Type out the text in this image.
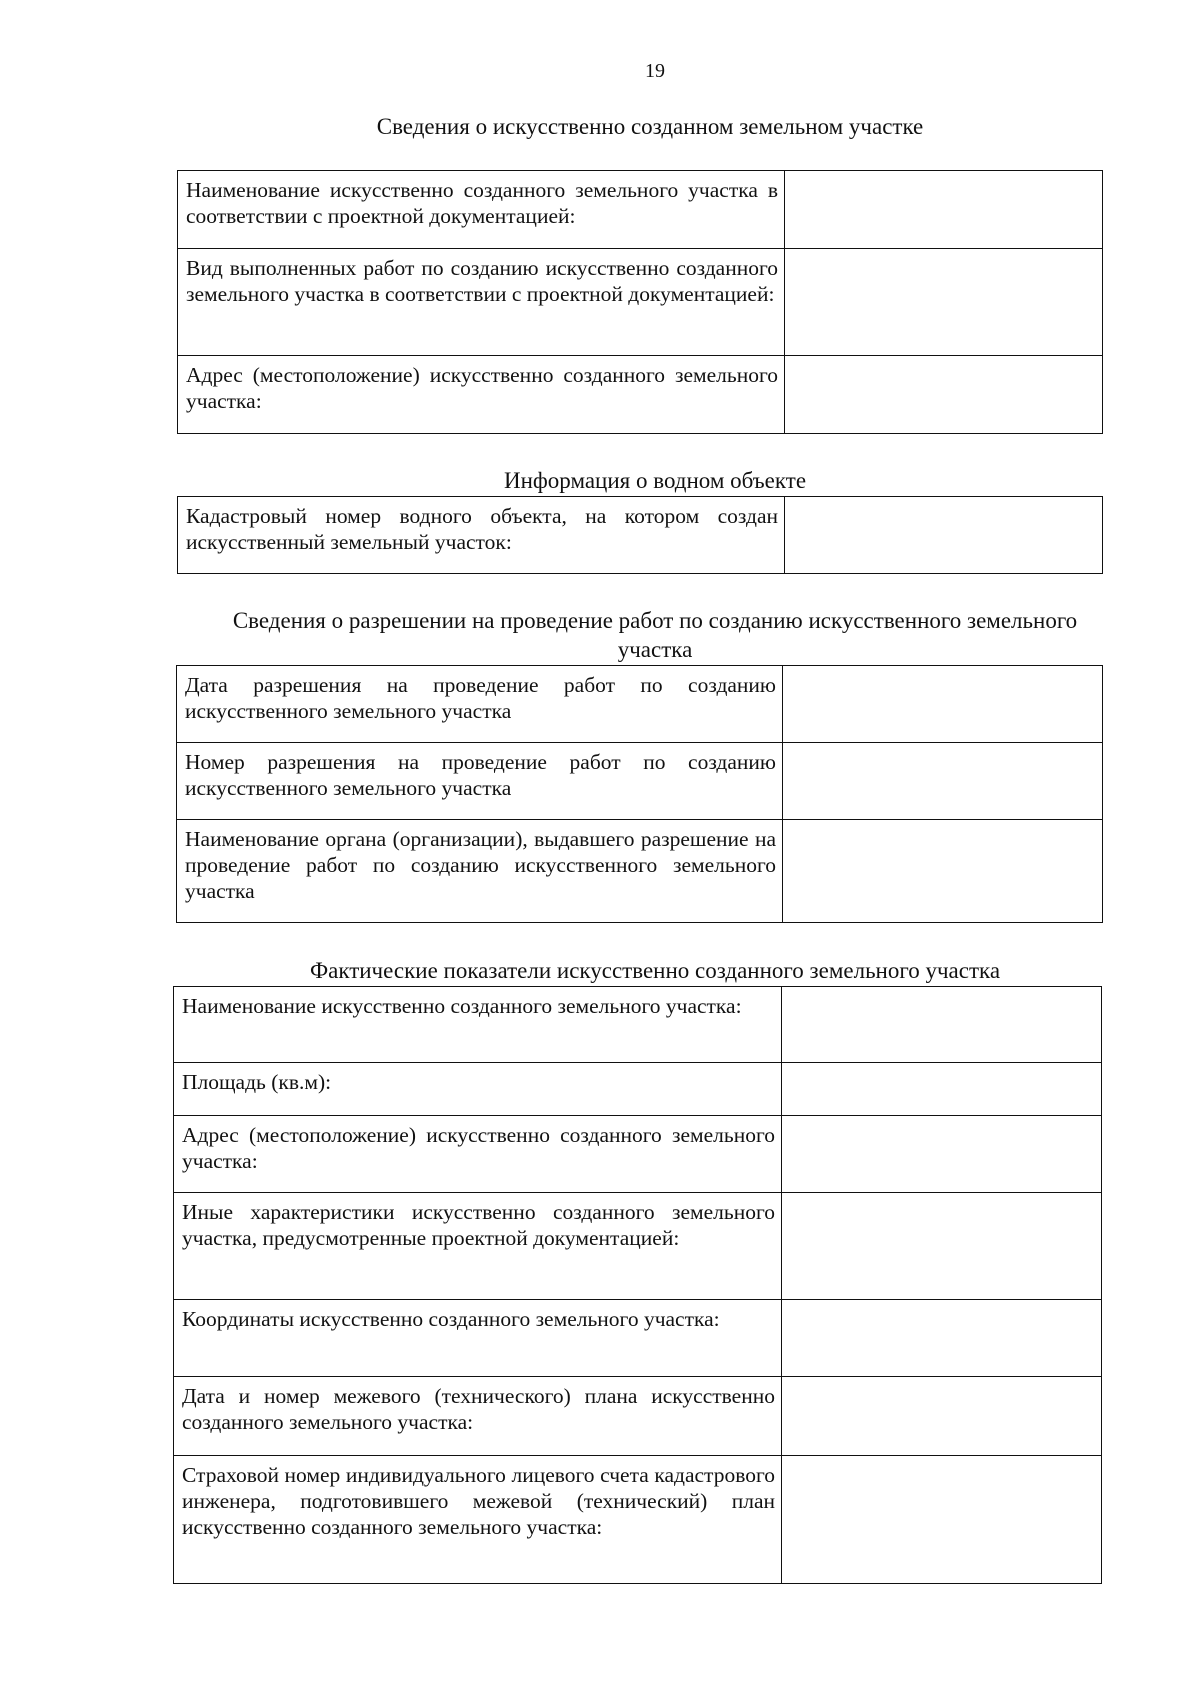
19
Сведения о искусственно созданном земельном участке
Наименование искусственно созданного земельного участка в соответствии с проектной документацией:	
Вид выполненных работ по созданию искусственно созданного земельного участка в соответствии с проектной документацией:	
Адрес (местоположение) искусственно созданного земельного участка:	
Информация о водном объекте
Кадастровый номер водного объекта, на котором создан искусственный земельный участок:	
Сведения о разрешении на проведение работ по созданию искусственного земельного участка
Дата разрешения на проведение работ по созданию искусственного земельного участка	
Номер разрешения на проведение работ по созданию искусственного земельного участка	
Наименование органа (организации), выдавшего разрешение на проведение работ по созданию искусственного земельного участка	
Фактические показатели искусственно созданного земельного участка
Наименование искусственно созданного земельного участка:	
Площадь (кв.м):	
Адрес (местоположение) искусственно созданного земельного участка:	
Иные характеристики искусственно созданного земельного участка, предусмотренные проектной документацией:	
Координаты искусственно созданного земельного участка:	
Дата и номер межевого (технического) плана искусственно созданного земельного участка:	
Страховой номер индивидуального лицевого счета кадастрового инженера, подготовившего межевой (технический) план искусственно созданного земельного участка:	
